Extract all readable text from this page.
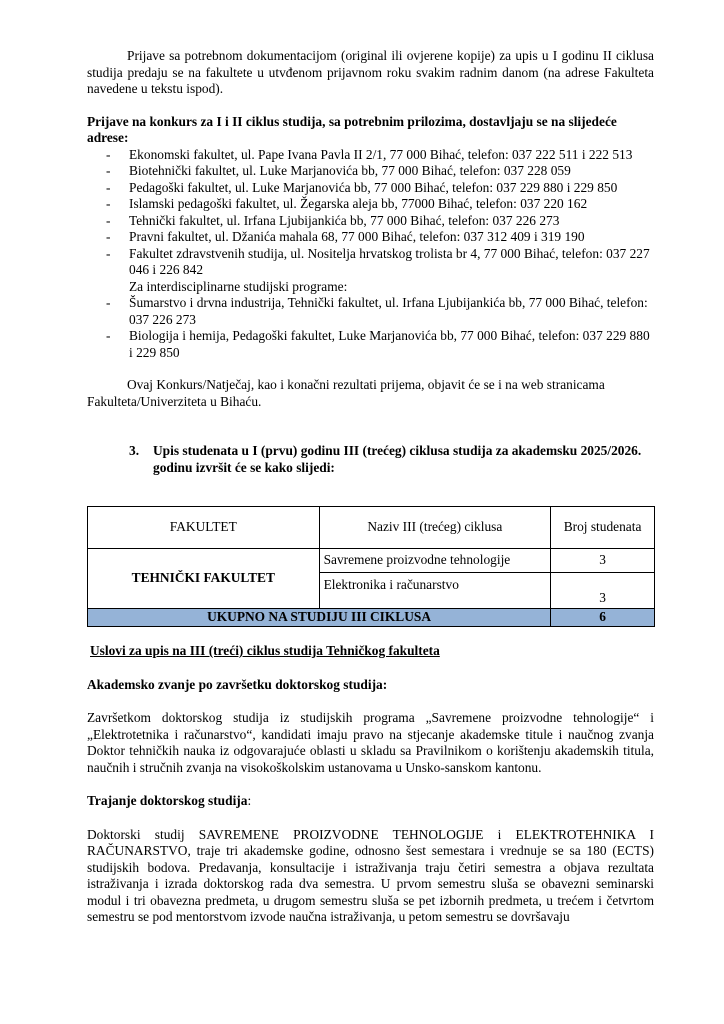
Prijave sa potrebnom dokumentacijom (original ili ovjerene kopije) za upis u I godinu II ciklusa studija predaju se na fakultete u utvđenom prijavnom roku svakim radnim danom (na adrese Fakulteta navedene u tekstu ispod).

Prijave na konkurs za I i II ciklus studija, sa potrebnim prilozima, dostavljaju se na slijedeće adrese:

- Ekonomski fakultet, ul. Pape Ivana Pavla II 2/1, 77 000 Bihać, telefon: 037 222 511 i 222 513
- Biotehnički fakultet, ul. Luke Marjanovića bb, 77 000 Bihać, telefon: 037 228 059
- Pedagoški fakultet, ul. Luke Marjanovića bb, 77 000 Bihać, telefon: 037 229 880 i 229 850
- Islamski pedagoški fakultet, ul. Žegarska aleja bb, 77000 Bihać, telefon: 037 220 162
- Tehnički fakultet, ul. Irfana Ljubijankića bb, 77 000 Bihać, telefon: 037 226 273
- Pravni fakultet, ul. Džanića mahala 68, 77 000 Bihać, telefon: 037 312 409 i 319 190
- Fakultet zdravstvenih studija, ul. Nositelja hrvatskog trolista br 4, 77 000 Bihać, telefon: 037 227 046 i 226 842

Za interdisciplinarne studijski programe:

- Šumarstvo i drvna industrija, Tehnički fakultet, ul. Irfana Ljubijankića bb, 77 000 Bihać, telefon: 037 226 273
- Biologija i hemija, Pedagoški fakultet, Luke Marjanovića bb, 77 000 Bihać, telefon: 037 229 880 i 229 850

Ovaj Konkurs/Natječaj, kao i konačni rezultati prijema, objavit će se i na web stranicama Fakulteta/Univerziteta u Bihaću.

3. Upis studenata u I (prvu) godinu III (trećeg) ciklusa studija za akademsku 2025/2026. godinu izvršit će se kako slijedi:
FAKULTET	Naziv III (trećeg) ciklusa	Broj studenata
TEHNIČKI FAKULTET	Savremene proizvodne tehnologije	3
	Elektronika i računarstvo	3
UKUPNO NA STUDIJU III CIKLUSA		6

Uslovi za upis na III (treći) ciklus studija Tehničkog fakulteta

Akademsko zvanje po završetku doktorskog studija:

Završetkom doktorskog studija iz studijskih programa „Savremene proizvodne tehnologije“ i „Elektrotetnika i računarstvo“, kandidati imaju pravo na stjecanje akademske titule i naučnog zvanja Doktor tehničkih nauka iz odgovarajuće oblasti u skladu sa Pravilnikom o korištenju akademskih titula, naučnih i stručnih zvanja na visokoškolskim ustanovama u Unsko-sanskom kantonu.

Trajanje doktorskog studija:

Doktorski studij SAVREMENE PROIZVODNE TEHNOLOGIJE i ELEKTROTEHNIKA I RAČUNARSTVO, traje tri akademske godine, odnosno šest semestara i vrednuje se sa 180 (ECTS) studijskih bodova. Predavanja, konsultacije i istraživanja traju četiri semestra a objava rezultata istraživanja i izrada doktorskog rada dva semestra. U prvom semestru sluša se obavezni seminarski modul i tri obavezna predmeta, u drugom semestru sluša se pet izbornih predmeta, u trećem i četvrtom semestru se pod mentorstvom izvode naučna istraživanja, u petom semestru se dovršavaju
